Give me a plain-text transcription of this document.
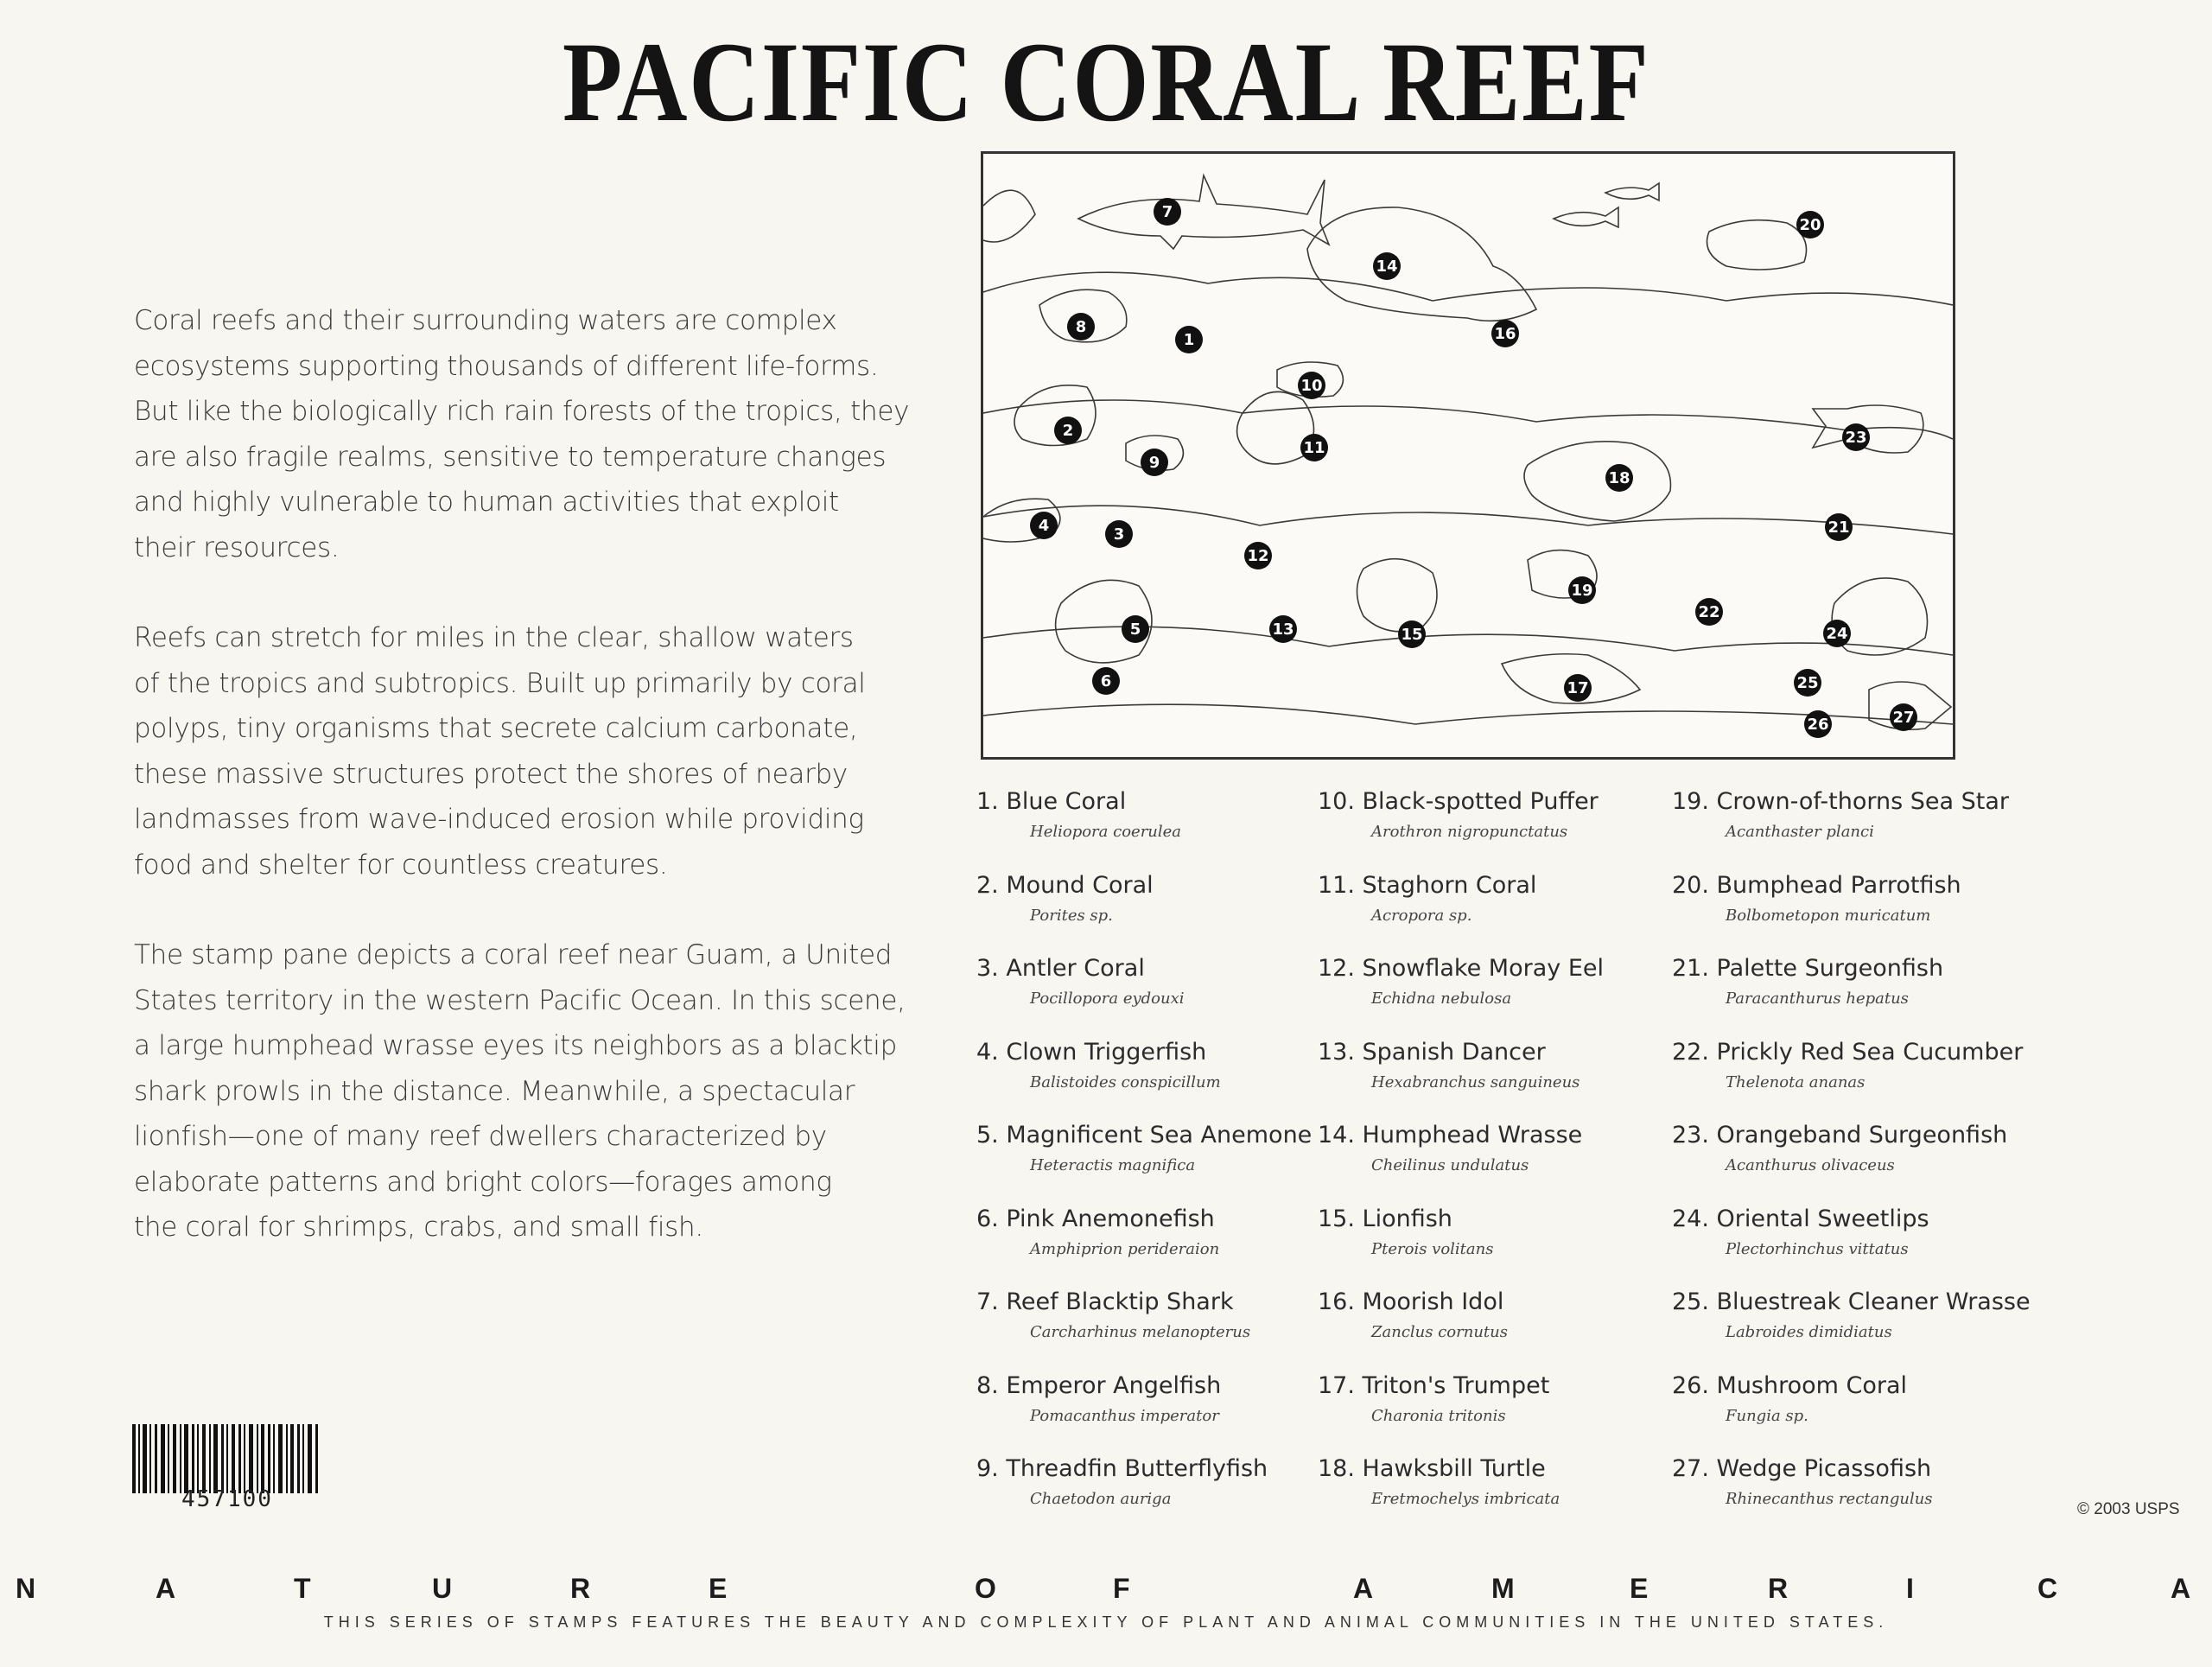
PACIFIC CORAL REEF

Coral reefs and their surrounding waters are complex
ecosystems supporting thousands of different life-forms.
But like the biologically rich rain forests of the tropics, they
are also fragile realms, sensitive to temperature changes
and highly vulnerable to human activities that exploit
their resources.

Reefs can stretch for miles in the clear, shallow waters
of the tropics and subtropics. Built up primarily by coral
polyps, tiny organisms that secrete calcium carbonate,
these massive structures protect the shores of nearby
landmasses from wave-induced erosion while providing
food and shelter for countless creatures.

The stamp pane depicts a coral reef near Guam, a United
States territory in the western Pacific Ocean. In this scene,
a large humphead wrasse eyes its neighbors as a blacktip
shark prowls in the distance. Meanwhile, a spectacular
lionfish—one of many reef dwellers characterized by
elaborate patterns and bright colors—forages among
the coral for shrimps, crabs, and small fish.

1
2
3
4
5
6
7
8
9
10
11
12
13
14
15
16
17
18
19
20
21
22
23
24
25
26	27
1. Blue Coral
Heliopora coerulea
2. Mound Coral
Porites sp.
3. Antler Coral
Pocillopora eydouxi
4. Clown Triggerfish
Balistoides conspicillum
5. Magnificent Sea Anemone
Heteractis magnifica
6. Pink Anemonefish
Amphiprion perideraion
7. Reef Blacktip Shark
Carcharhinus melanopterus
8. Emperor Angelfish
Pomacanthus imperator
9. Threadfin Butterflyfish
Chaetodon auriga
10. Black-spotted Puffer
Arothron nigropunctatus
11. Staghorn Coral
Acropora sp.
12. Snowflake Moray Eel
Echidna nebulosa
13. Spanish Dancer
Hexabranchus sanguineus
14. Humphead Wrasse
Cheilinus undulatus
15. Lionfish
Pterois volitans
16. Moorish Idol
Zanclus cornutus
17. Triton's Trumpet
Charonia tritonis
18. Hawksbill Turtle
Eretmochelys imbricata
19. Crown-of-thorns Sea Star
Acanthaster planci
20. Bumphead Parrotfish
Bolbometopon muricatum
21. Palette Surgeonfish
Paracanthurus hepatus
22. Prickly Red Sea Cucumber
Thelenota ananas
23. Orangeband Surgeonfish
Acanthurus olivaceus
24. Oriental Sweetlips
Plectorhinchus vittatus
25. Bluestreak Cleaner Wrasse
Labroides dimidiatus
26. Mushroom Coral
Fungia sp.
27. Wedge Picassofish
Rhinecanthus rectangulus
457100	© 2003 USPS
N	A	T	U	R	E	O	F	A	M	E	R	I	C	A
THIS SERIES OF STAMPS FEATURES THE BEAUTY AND COMPLEXITY OF PLANT AND ANIMAL COMMUNITIES IN THE UNITED STATES.
